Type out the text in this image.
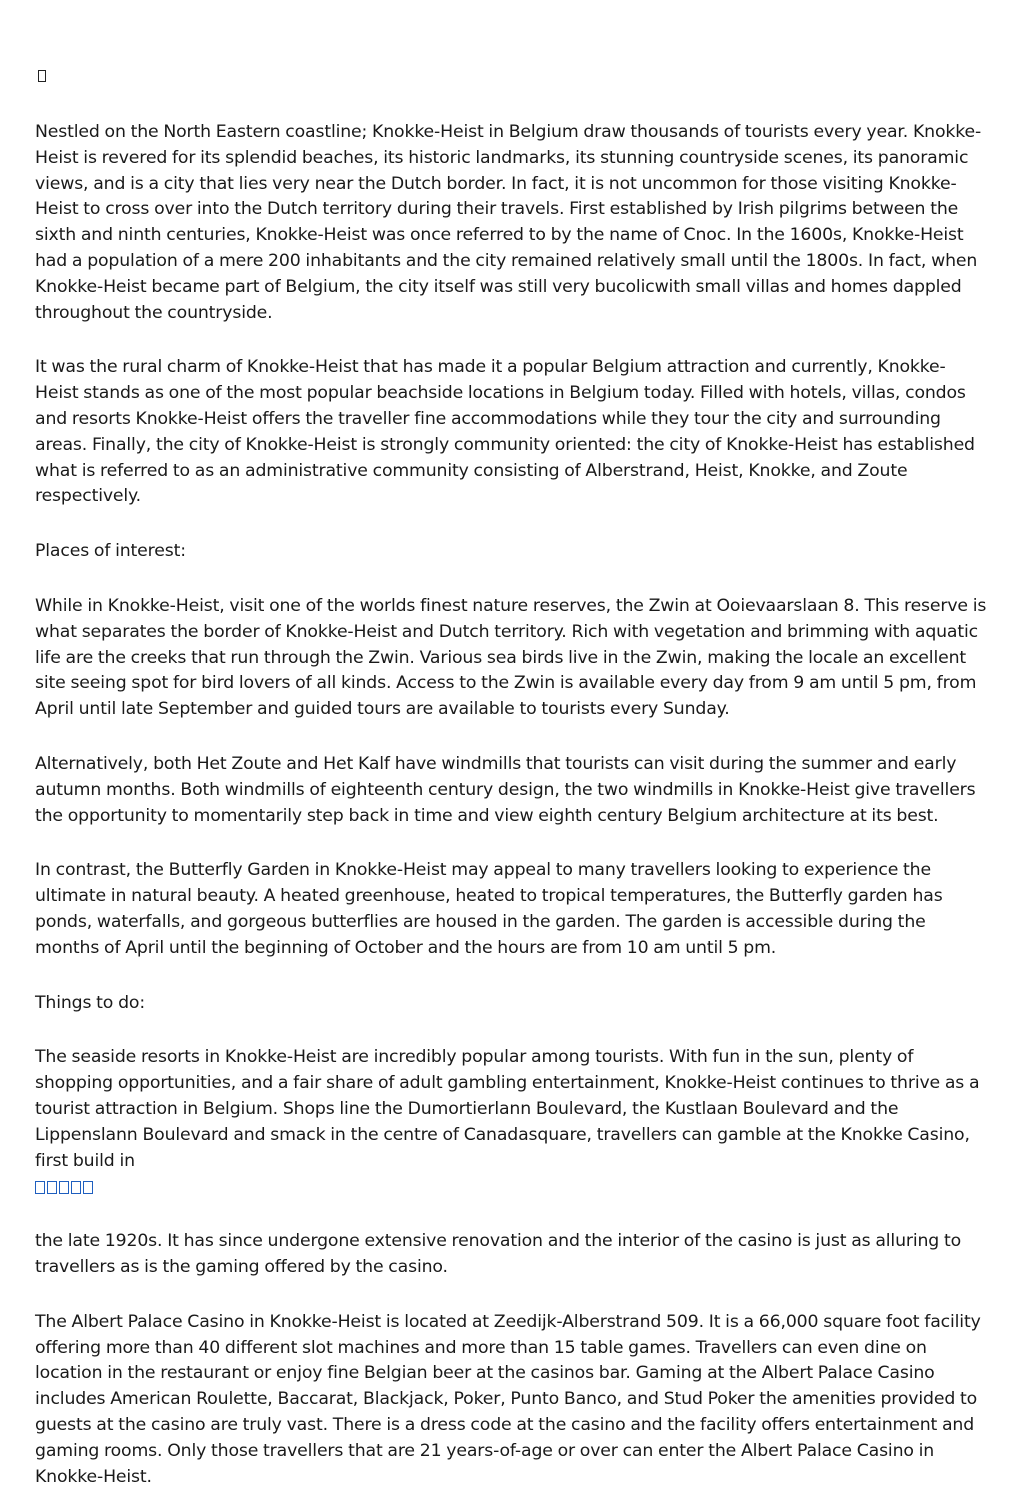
Nestled on the North Eastern coastline; Knokke-Heist in Belgium draw thousands of tourists every year. Knokke-Heist is revered for its splendid beaches, its historic landmarks, its stunning countryside scenes, its panoramic views, and is a city that lies very near the Dutch border. In fact, it is not uncommon for those visiting Knokke-Heist to cross over into the Dutch territory during their travels. First established by Irish pilgrims between the sixth and ninth centuries, Knokke-Heist was once referred to by the name of Cnoc. In the 1600s, Knokke-Heist had a population of a mere 200 inhabitants and the city remained relatively small until the 1800s. In fact, when Knokke-Heist became part of Belgium, the city itself was still very bucolicwith small villas and homes dappled throughout the countryside.

It was the rural charm of Knokke-Heist that has made it a popular Belgium attraction and currently, Knokke-Heist stands as one of the most popular beachside locations in Belgium today. Filled with hotels, villas, condos and resorts Knokke-Heist offers the traveller fine accommodations while they tour the city and surrounding areas. Finally, the city of Knokke-Heist is strongly community oriented: the city of Knokke-Heist has established what is referred to as an administrative community consisting of Alberstrand, Heist, Knokke, and Zoute respectively.

Places of interest:

While in Knokke-Heist, visit one of the worlds finest nature reserves, the Zwin at Ooievaarslaan 8. This reserve is what separates the border of Knokke-Heist and Dutch territory. Rich with vegetation and brimming with aquatic life are the creeks that run through the Zwin. Various sea birds live in the Zwin, making the locale an excellent site seeing spot for bird lovers of all kinds. Access to the Zwin is available every day from 9 am until 5 pm, from April until late September and guided tours are available to tourists every Sunday.

Alternatively, both Het Zoute and Het Kalf have windmills that tourists can visit during the summer and early autumn months. Both windmills of eighteenth century design, the two windmills in Knokke-Heist give travellers the opportunity to momentarily step back in time and view eighth century Belgium architecture at its best.

In contrast, the Butterfly Garden in Knokke-Heist may appeal to many travellers looking to experience the ultimate in natural beauty. A heated greenhouse, heated to tropical temperatures, the Butterfly garden has ponds, waterfalls, and gorgeous butterflies are housed in the garden. The garden is accessible during the months of April until the beginning of October and the hours are from 10 am until 5 pm.

Things to do:

The seaside resorts in Knokke-Heist are incredibly popular among tourists. With fun in the sun, plenty of shopping opportunities, and a fair share of adult gambling entertainment, Knokke-Heist continues to thrive as a tourist attraction in Belgium. Shops line the Dumortierlann Boulevard, the Kustlaan Boulevard and the Lippenslann Boulevard and smack in the centre of Canadasquare, travellers can gamble at the Knokke Casino, first build in

the late 1920s. It has since undergone extensive renovation and the interior of the casino is just as alluring to travellers as is the gaming offered by the casino.

The Albert Palace Casino in Knokke-Heist is located at Zeedijk-Alberstrand 509. It is a 66,000 square foot facility offering more than 40 different slot machines and more than 15 table games. Travellers can even dine on location in the restaurant or enjoy fine Belgian beer at the casinos bar. Gaming at the Albert Palace Casino includes American Roulette, Baccarat, Blackjack, Poker, Punto Banco, and Stud Poker the amenities provided to guests at the casino are truly vast. There is a dress code at the casino and the facility offers entertainment and gaming rooms. Only those travellers that are 21 years-of-age or over can enter the Albert Palace Casino in Knokke-Heist.
